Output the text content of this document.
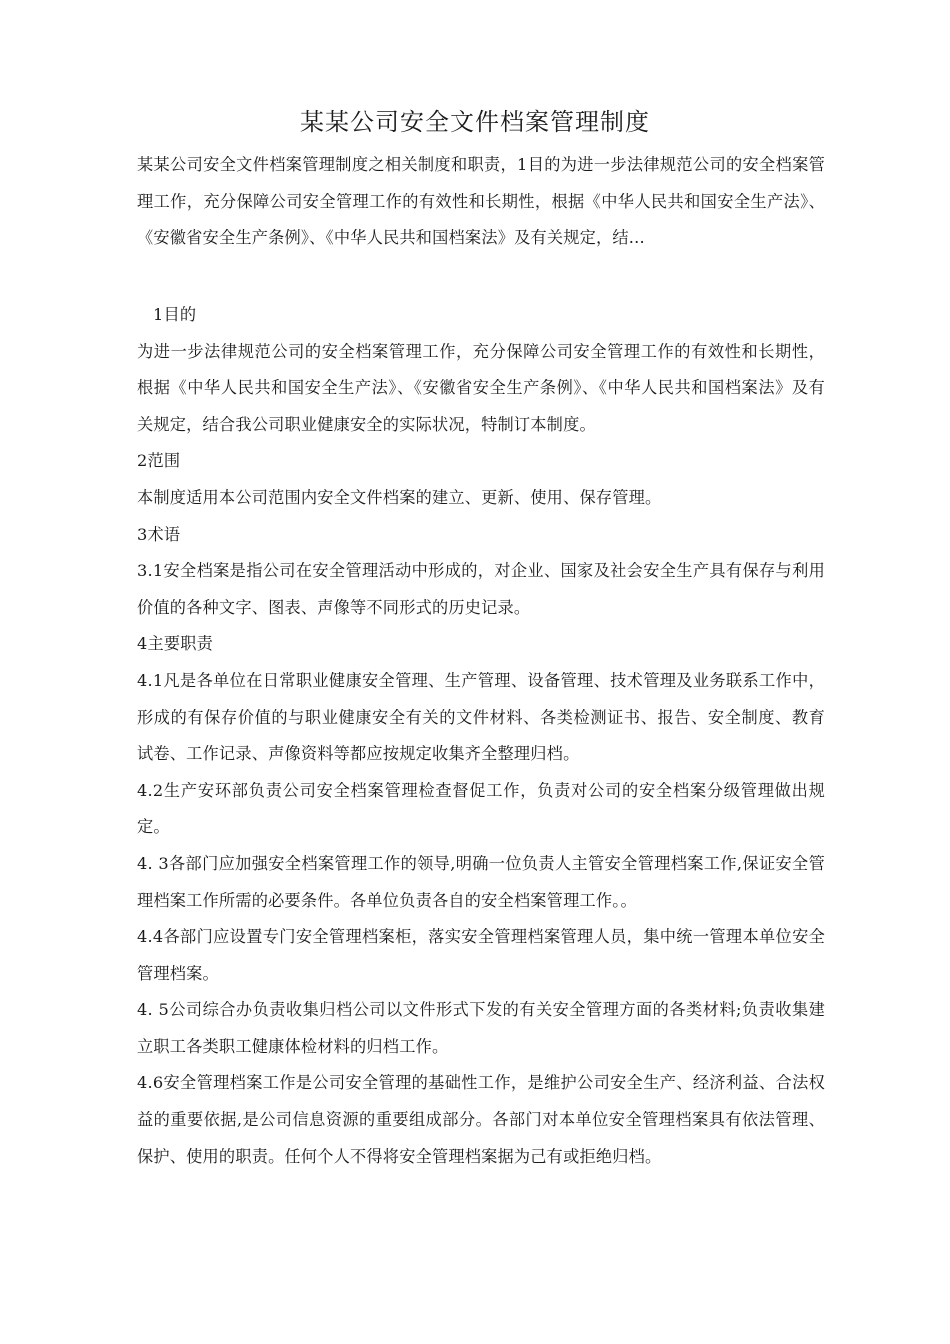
某某公司安全文件档案管理制度

某某公司安全文件档案管理制度之相关制度和职责，1目的为进一步法律规范公司的安全档案管理工作，充分保障公司安全管理工作的有效性和长期性，根据《中华人民共和国安全生产法》、《安徽省安全生产条例》、《中华人民共和国档案法》及有关规定，结...

1目的

为进一步法律规范公司的安全档案管理工作，充分保障公司安全管理工作的有效性和长期性，根据《中华人民共和国安全生产法》、《安徽省安全生产条例》、《中华人民共和国档案法》及有关规定，结合我公司职业健康安全的实际状况，特制订本制度。

2范围

本制度适用本公司范围内安全文件档案的建立、更新、使用、保存管理。

3术语

3.1安全档案是指公司在安全管理活动中形成的，对企业、国家及社会安全生产具有保存与利用价值的各种文字、图表、声像等不同形式的历史记录。

4主要职责

4.1凡是各单位在日常职业健康安全管理、生产管理、设备管理、技术管理及业务联系工作中，形成的有保存价值的与职业健康安全有关的文件材料、各类检测证书、报告、安全制度、教育试卷、工作记录、声像资料等都应按规定收集齐全整理归档。

4.2生产安环部负责公司安全档案管理检查督促工作，负责对公司的安全档案分级管理做出规定。

4. 3各部门应加强安全档案管理工作的领导,明确一位负责人主管安全管理档案工作,保证安全管理档案工作所需的必要条件。各单位负责各自的安全档案管理工作。。

4.4各部门应设置专门安全管理档案柜，落实安全管理档案管理人员，集中统一管理本单位安全管理档案。

4. 5公司综合办负责收集归档公司以文件形式下发的有关安全管理方面的各类材料;负责收集建立职工各类职工健康体检材料的归档工作。

4.6安全管理档案工作是公司安全管理的基础性工作，是维护公司安全生产、经济利益、合法权益的重要依据,是公司信息资源的重要组成部分。各部门对本单位安全管理档案具有依法管理、保护、使用的职责。任何个人不得将安全管理档案据为己有或拒绝归档。
